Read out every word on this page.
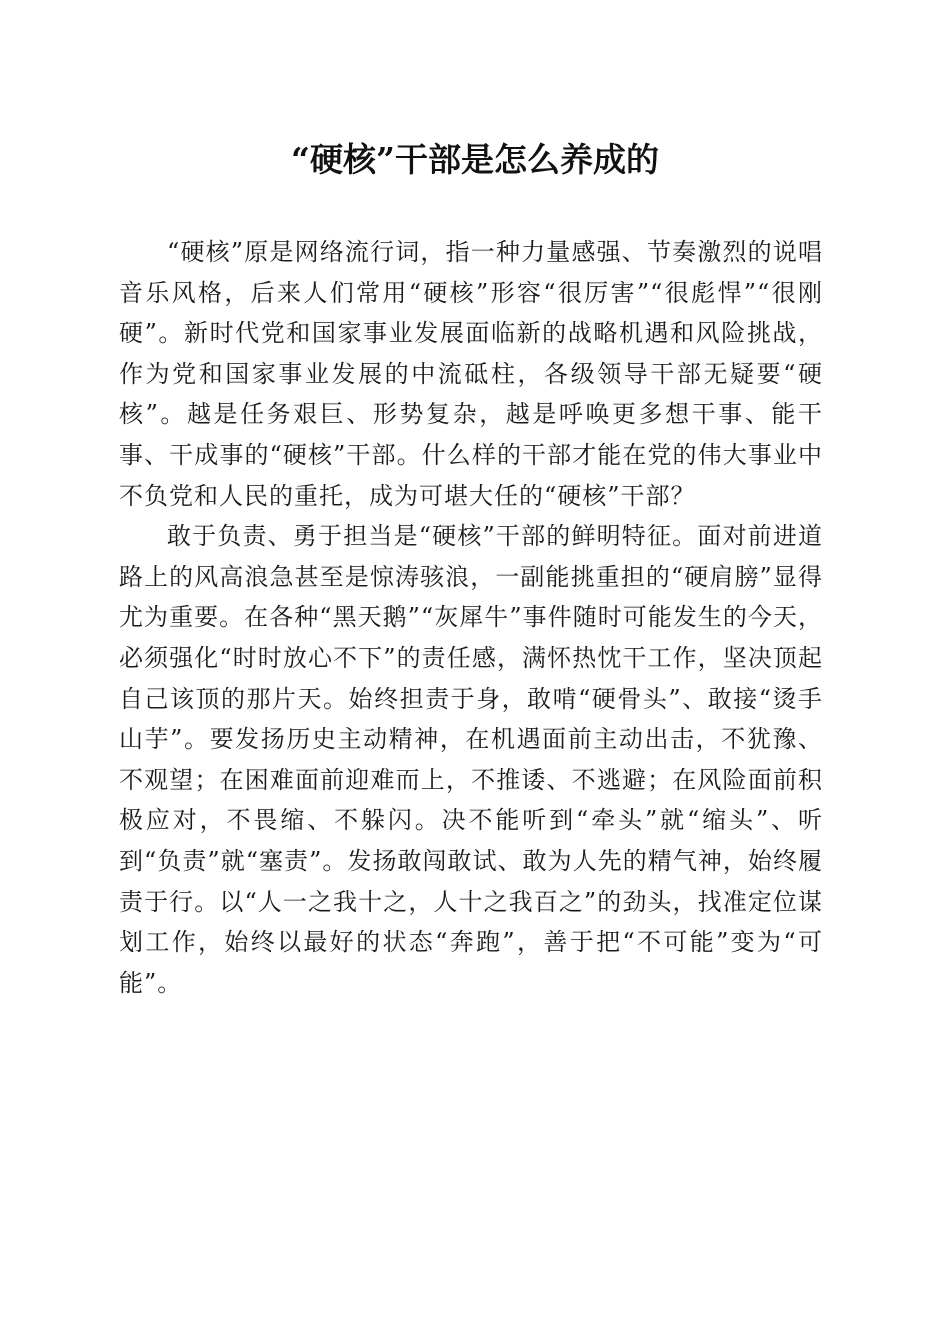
“硬核”干部是怎么养成的

“硬核”原是网络流行词，指一种力量感强、节奏激烈的说唱音乐风格，后来人们常用“硬核”形容“很厉害”“很彪悍”“很刚硬”。新时代党和国家事业发展面临新的战略机遇和风险挑战，作为党和国家事业发展的中流砥柱，各级领导干部无疑要“硬核”。越是任务艰巨、形势复杂，越是呼唤更多想干事、能干事、干成事的“硬核”干部。什么样的干部才能在党的伟大事业中不负党和人民的重托，成为可堪大任的“硬核”干部？

敢于负责、勇于担当是“硬核”干部的鲜明特征。面对前进道路上的风高浪急甚至是惊涛骇浪，一副能挑重担的“硬肩膀”显得尤为重要。在各种“黑天鹅”“灰犀牛”事件随时可能发生的今天，必须强化“时时放心不下”的责任感，满怀热忱干工作，坚决顶起自己该顶的那片天。始终担责于身，敢啃“硬骨头”、敢接“烫手山芋”。要发扬历史主动精神，在机遇面前主动出击，不犹豫、不观望；在困难面前迎难而上，不推诿、不逃避；在风险面前积极应对，不畏缩、不躲闪。决不能听到“牵头”就“缩头”、听到“负责”就“塞责”。发扬敢闯敢试、敢为人先的精气神，始终履责于行。以“人一之我十之，人十之我百之”的劲头，找准定位谋划工作，始终以最好的状态“奔跑”，善于把“不可能”变为“可能”。
